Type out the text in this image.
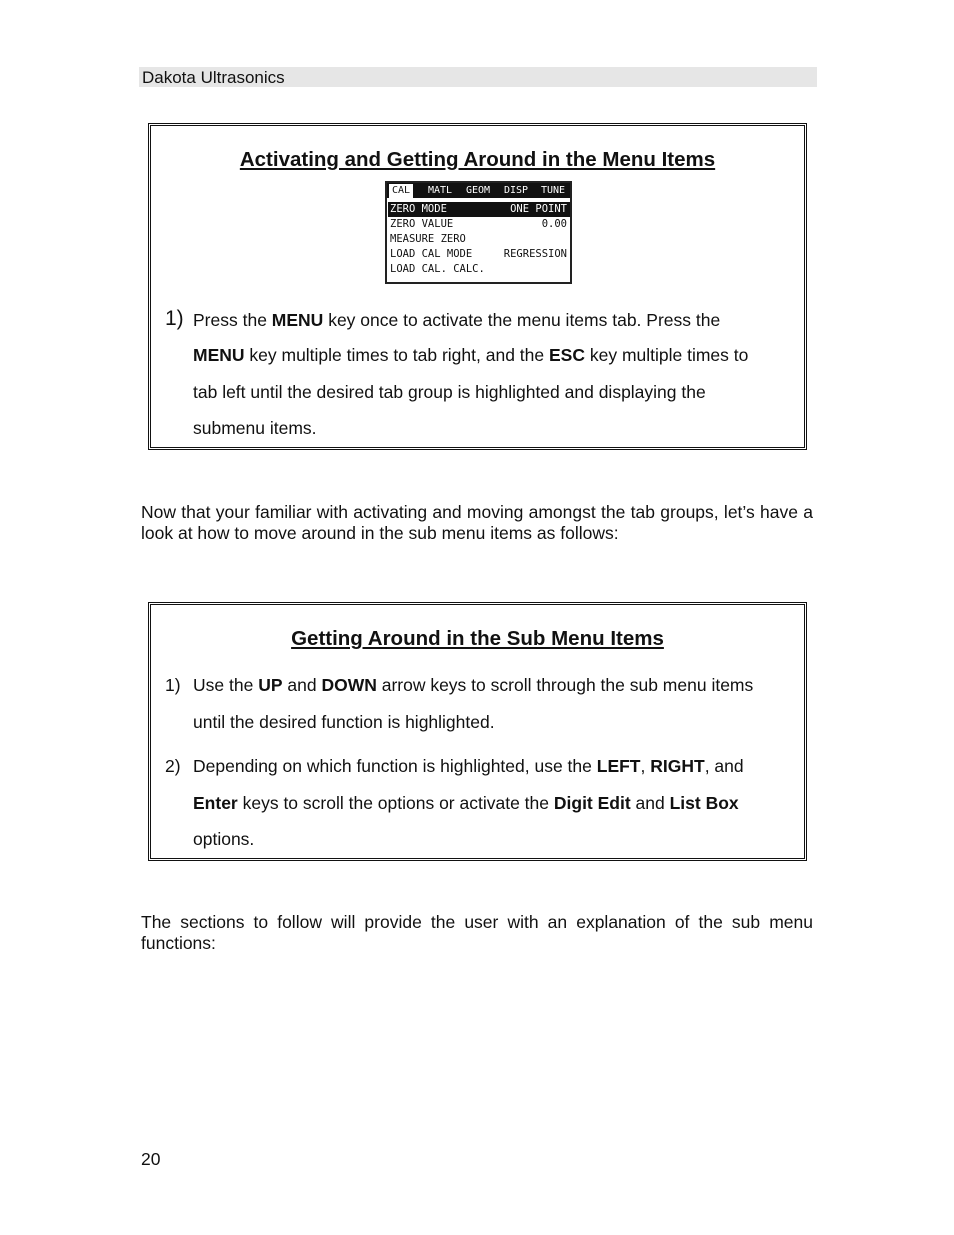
Dakota Ultrasonics
Activating and Getting Around in the Menu Items
CAL	MATL GEOM DISP TUNE
ZERO MODE	ONE POINT
ZERO VALUE	0.00
MEASURE ZERO
LOAD CAL MODE	REGRESSION
LOAD CAL. CALC.
1) Press the MENU key once to activate the menu items tab. Press the
MENU key multiple times to tab right, and the ESC key multiple times to
tab left until the desired tab group is highlighted and displaying the
submenu items.
Now that your familiar with activating and moving amongst the tab groups, let’s have a look at how to move around in the sub menu items as follows:
Getting Around in the Sub Menu Items
1) Use the UP and DOWN arrow keys to scroll through the sub menu items
until the desired function is highlighted.
2) Depending on which function is highlighted, use the LEFT, RIGHT, and
Enter keys to scroll the options or activate the Digit Edit and List Box
options.
The sections to follow will provide the user with an explanation of the sub menu functions:
20
